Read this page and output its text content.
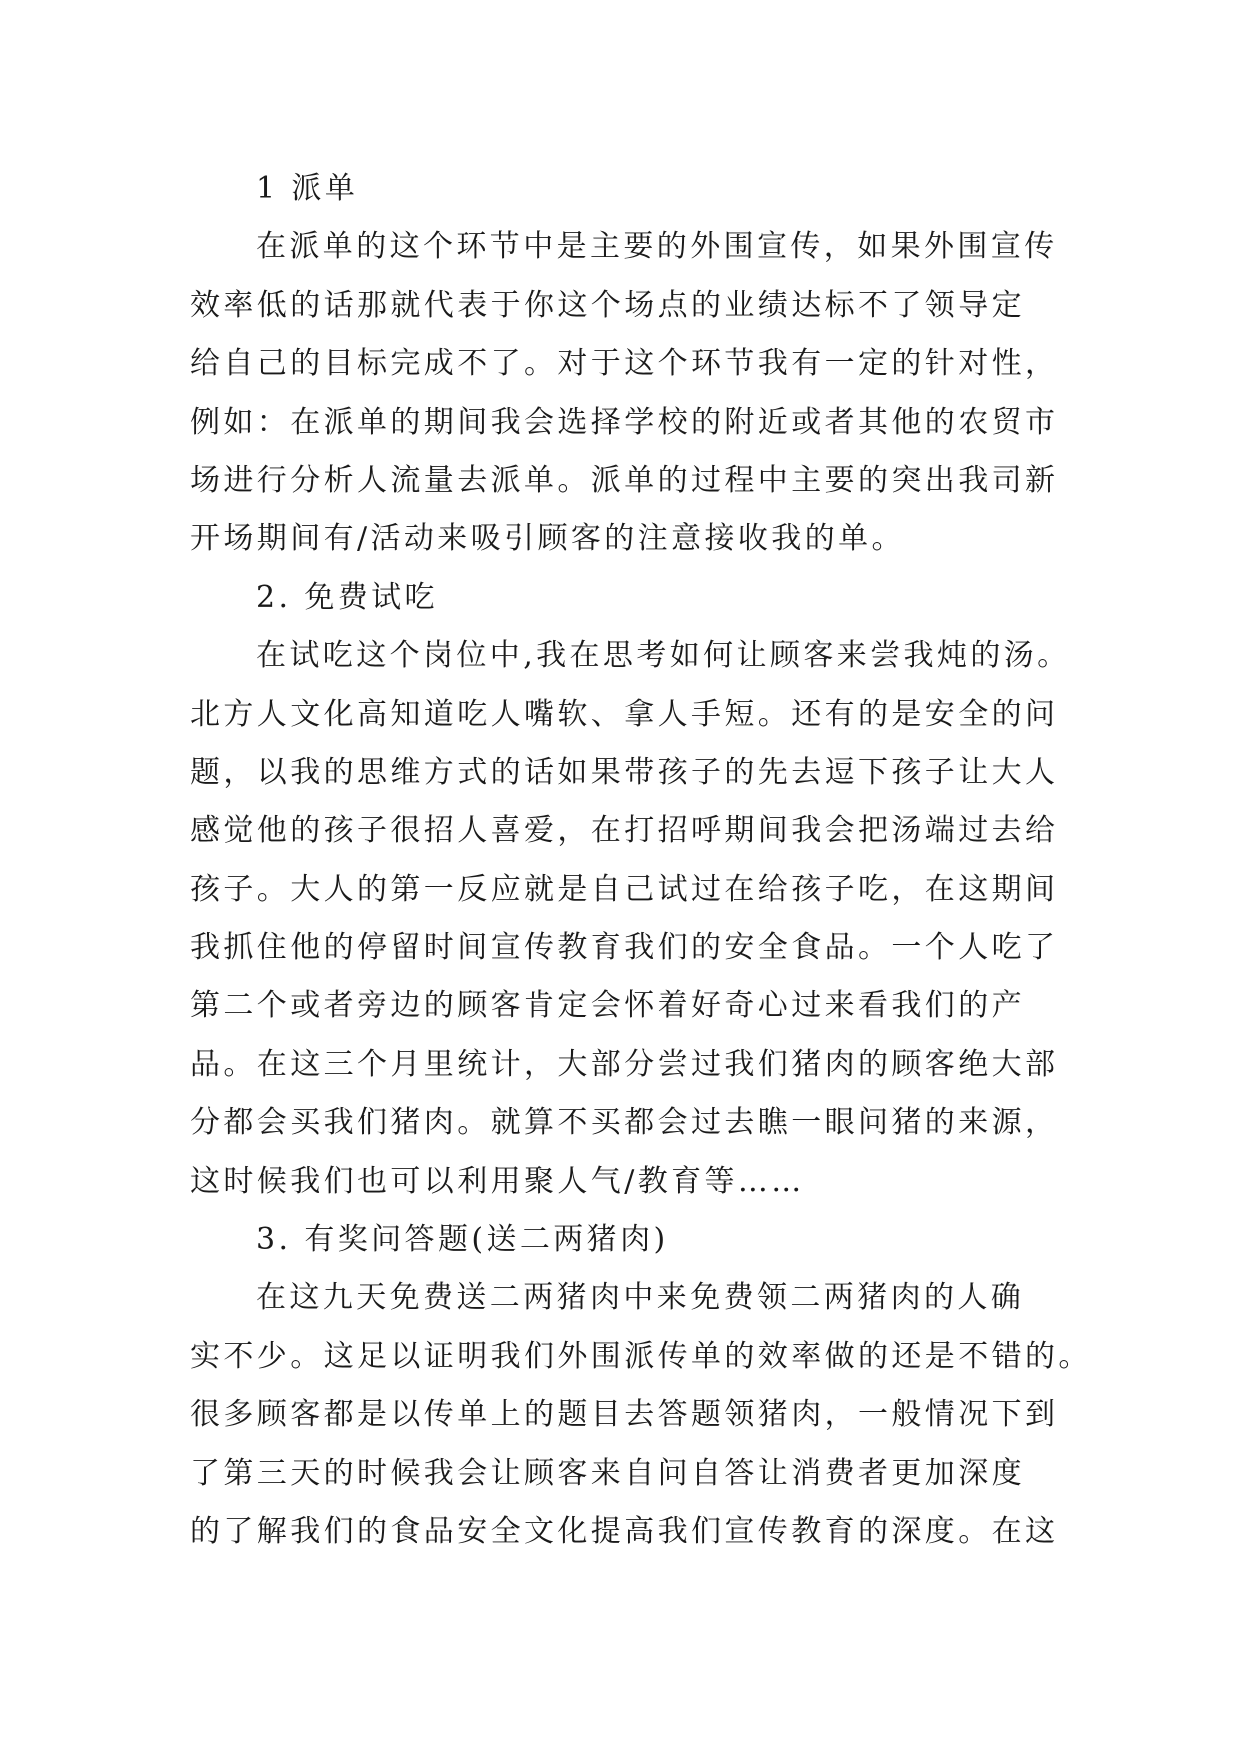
1 派单
在派单的这个环节中是主要的外围宣传，如果外围宣传
效率低的话那就代表于你这个场点的业绩达标不了领导定
给自己的目标完成不了。对于这个环节我有一定的针对性，
例如：在派单的期间我会选择学校的附近或者其他的农贸市
场进行分析人流量去派单。派单的过程中主要的突出我司新
开场期间有/活动来吸引顾客的注意接收我的单。
2. 免费试吃
在试吃这个岗位中,我在思考如何让顾客来尝我炖的汤。
北方人文化高知道吃人嘴软、拿人手短。还有的是安全的问
题，以我的思维方式的话如果带孩子的先去逗下孩子让大人
感觉他的孩子很招人喜爱，在打招呼期间我会把汤端过去给
孩子。大人的第一反应就是自己试过在给孩子吃，在这期间
我抓住他的停留时间宣传教育我们的安全食品。一个人吃了
第二个或者旁边的顾客肯定会怀着好奇心过来看我们的产
品。在这三个月里统计，大部分尝过我们猪肉的顾客绝大部
分都会买我们猪肉。就算不买都会过去瞧一眼问猪的来源，
这时候我们也可以利用聚人气/教育等……
3. 有奖问答题(送二两猪肉)
在这九天免费送二两猪肉中来免费领二两猪肉的人确
实不少。这足以证明我们外围派传单的效率做的还是不错的。
很多顾客都是以传单上的题目去答题领猪肉，一般情况下到
了第三天的时候我会让顾客来自问自答让消费者更加深度
的了解我们的食品安全文化提高我们宣传教育的深度。在这
